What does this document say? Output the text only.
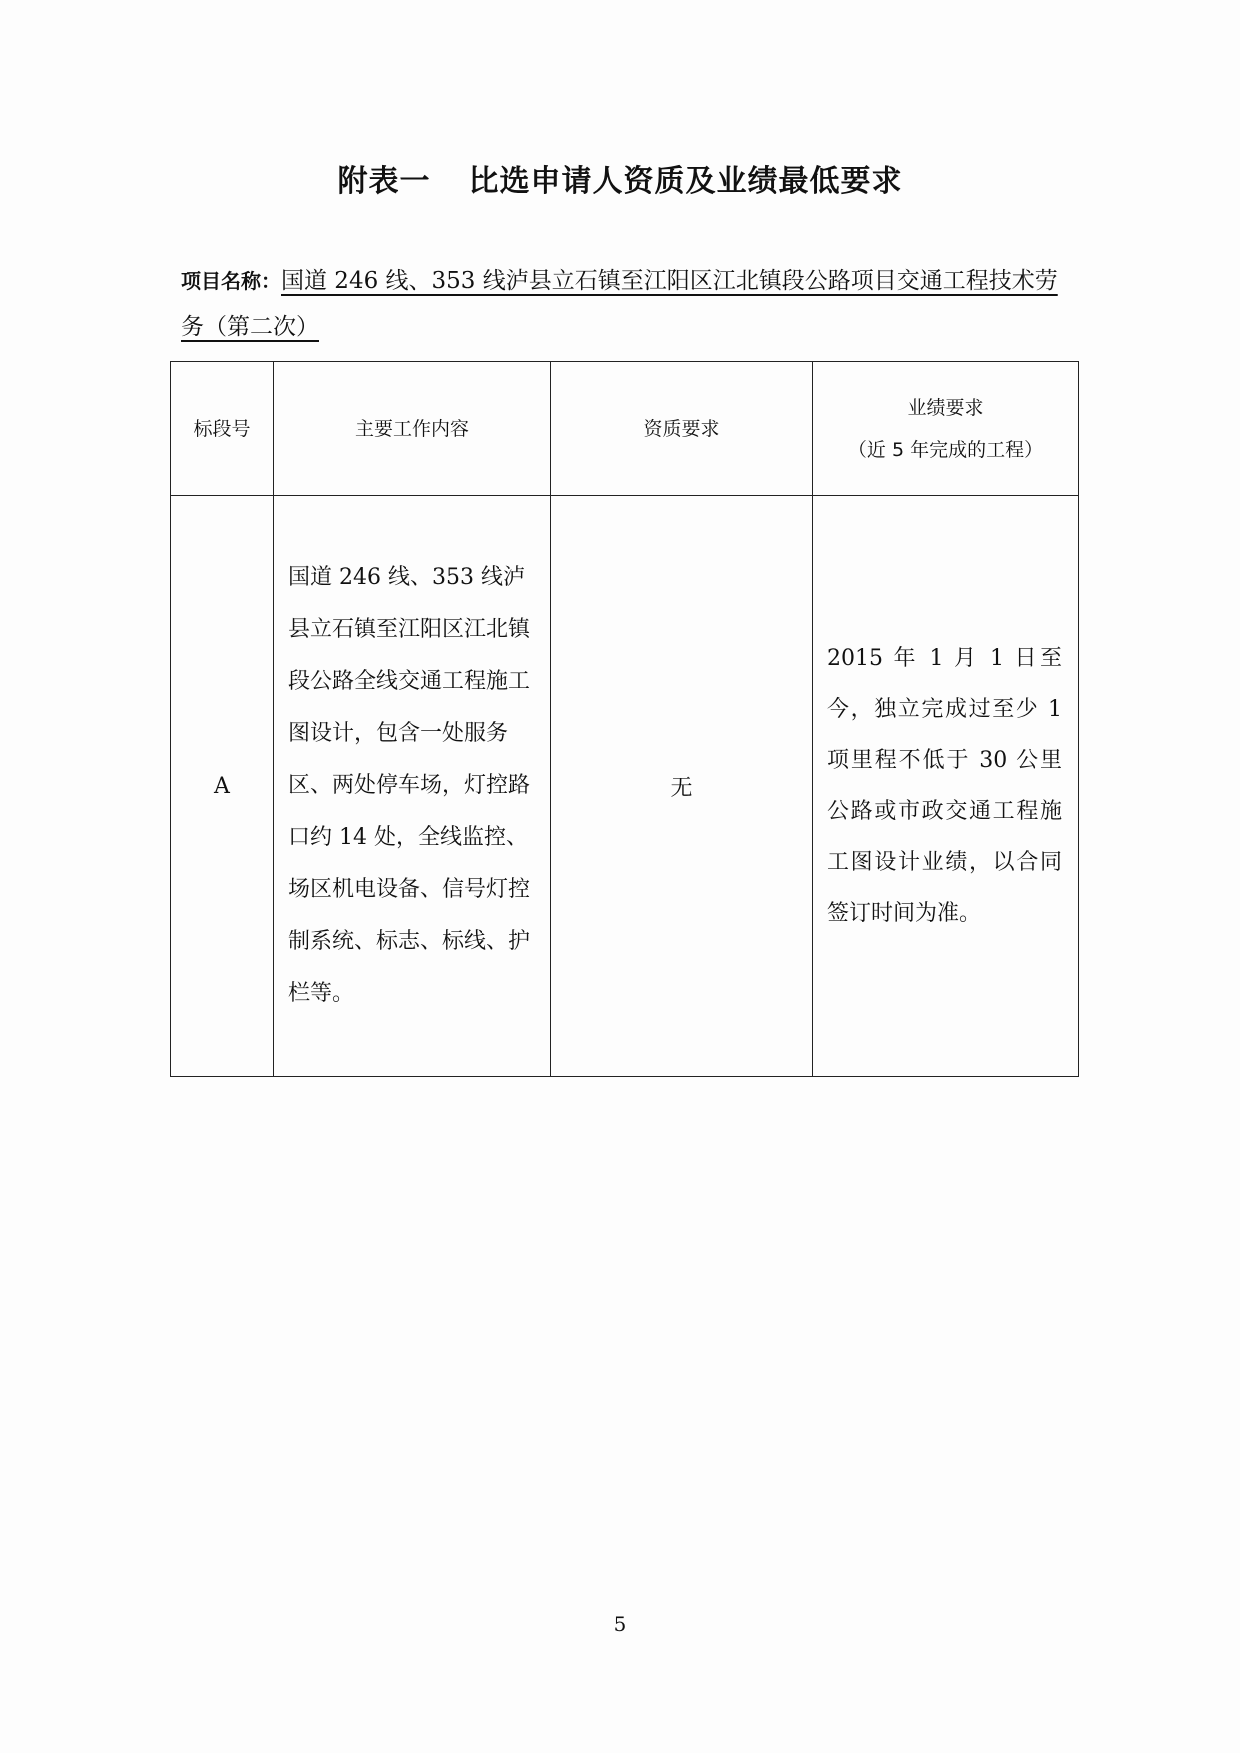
附表一 比选申请人资质及业绩最低要求
项目名称：国道 246 线、353 线泸县立石镇至江阳区江北镇段公路项目交通工程技术劳务（第二次）
标段号	主要工作内容	资质要求	业绩要求
（近 5 年完成的工程）

A	国道 246 线、353 线泸县立石镇至江阳区江北镇段公路全线交通工程施工图设计，包含一处服务区、两处停车场，灯控路口约 14 处，全线监控、场区机电设备、信号灯控制系统、标志、标线、护栏等。	无	2015 年 1 月 1 日至今，独立完成过至少 1 项里程不低于 30 公里公路或市政交通工程施工图设计业绩，以合同签订时间为准。
5
